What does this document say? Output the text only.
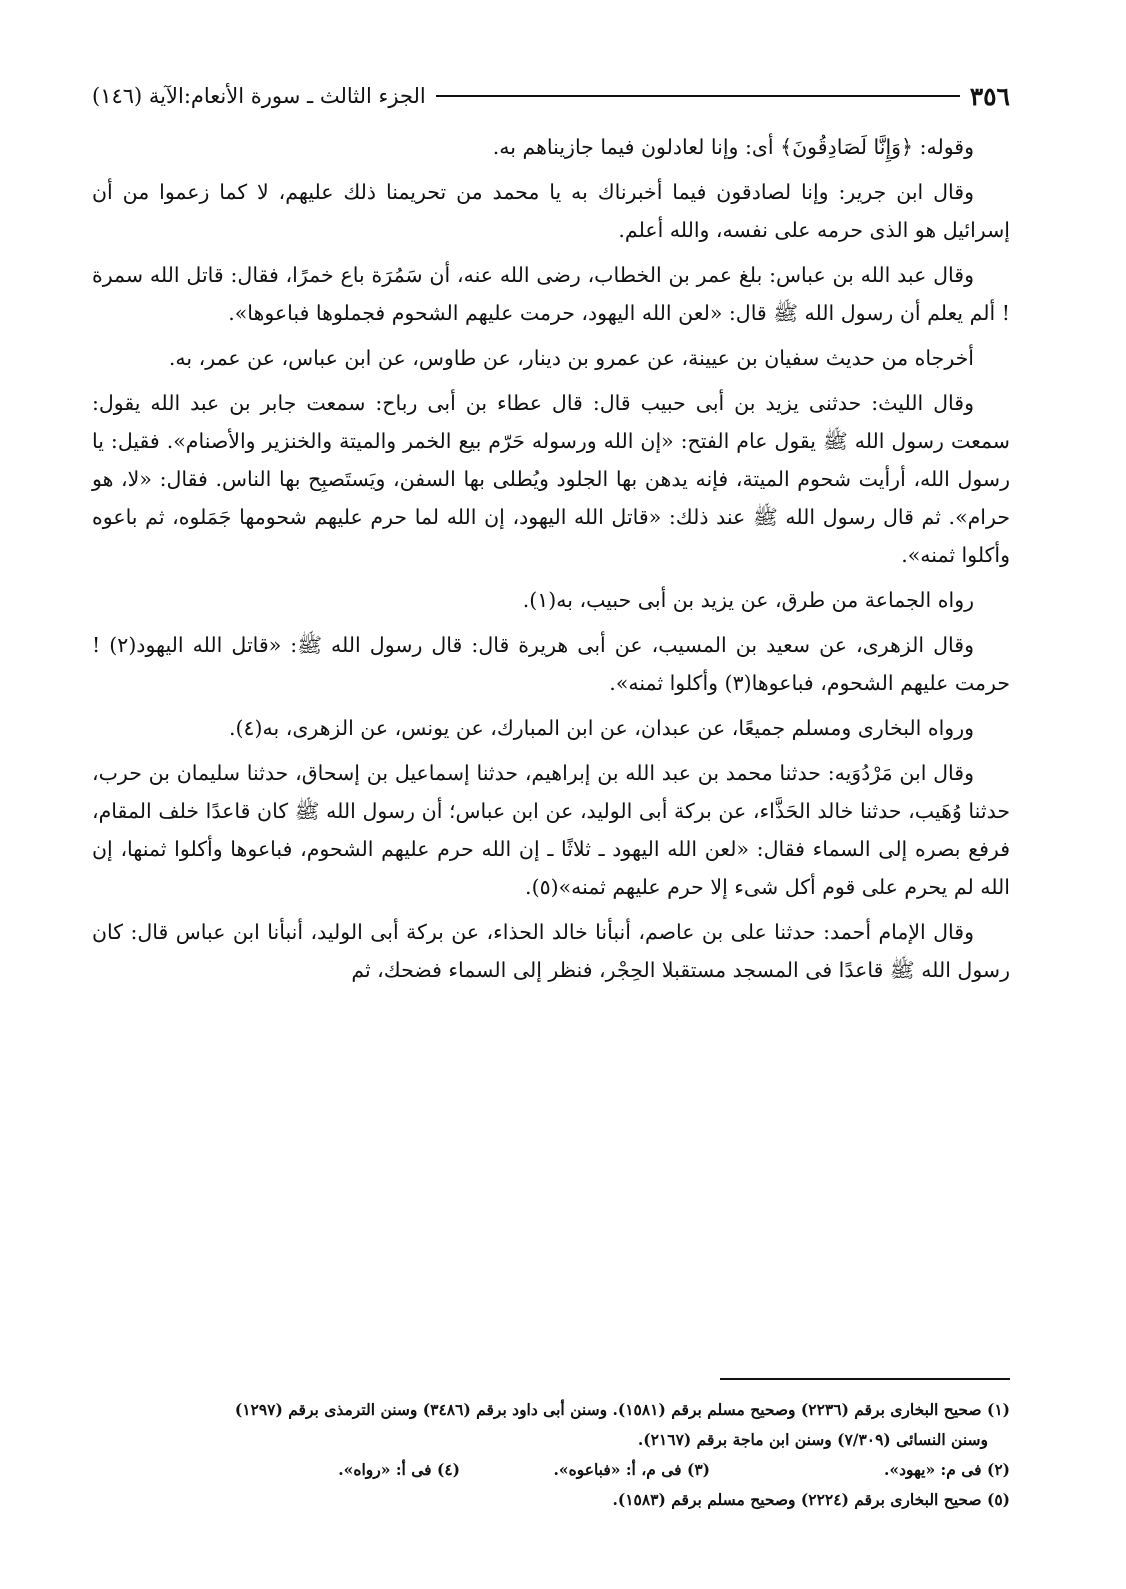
٣٥٦
الجزء الثالث ـ سورة الأنعام:الآية (١٤٦)

وقوله: ﴿وَإِنَّا لَصَادِقُونَ﴾ أى: وإنا لعادلون فيما جازيناهم به.

وقال ابن جرير: وإنا لصادقون فيما أخبرناك به يا محمد من تحريمنا ذلك عليهم، لا كما زعموا من أن إسرائيل هو الذى حرمه على نفسه، والله أعلم.

وقال عبد الله بن عباس: بلغ عمر بن الخطاب، رضى الله عنه، أن سَمُرَة باع خمرًا، فقال: قاتل الله سمرة ! ألم يعلم أن رسول الله ﷺ قال: «لعن الله اليهود، حرمت عليهم الشحوم فجملوها فباعوها».

أخرجاه من حديث سفيان بن عيينة، عن عمرو بن دينار، عن طاوس، عن ابن عباس، عن عمر، به.

وقال الليث: حدثنى يزيد بن أبى حبيب قال: قال عطاء بن أبى رباح: سمعت جابر بن عبد الله يقول: سمعت رسول الله ﷺ يقول عام الفتح: «إن الله ورسوله حَرّم بيع الخمر والميتة والخنزير والأصنام». فقيل: يا رسول الله، أرأيت شحوم الميتة، فإنه يدهن بها الجلود ويُطلى بها السفن، ويَستَصبِح بها الناس. فقال: «لا، هو حرام». ثم قال رسول الله ﷺ عند ذلك: «قاتل الله اليهود، إن الله لما حرم عليهم شحومها جَمَلوه، ثم باعوه وأكلوا ثمنه».

رواه الجماعة من طرق، عن يزيد بن أبى حبيب، به(١).

وقال الزهرى، عن سعيد بن المسيب، عن أبى هريرة قال: قال رسول الله ﷺ: «قاتل الله اليهود(٢) ! حرمت عليهم الشحوم، فباعوها(٣) وأكلوا ثمنه».

ورواه البخارى ومسلم جميعًا، عن عبدان، عن ابن المبارك، عن يونس، عن الزهرى، به(٤).

وقال ابن مَرْدُوَيه: حدثنا محمد بن عبد الله بن إبراهيم، حدثنا إسماعيل بن إسحاق، حدثنا سليمان بن حرب، حدثنا وُهَيب، حدثنا خالد الحَذَّاء، عن بركة أبى الوليد، عن ابن عباس؛ أن رسول الله ﷺ كان قاعدًا خلف المقام، فرفع بصره إلى السماء فقال: «لعن الله اليهود ـ ثلاثًا ـ إن الله حرم عليهم الشحوم، فباعوها وأكلوا ثمنها، إن الله لم يحرم على قوم أكل شىء إلا حرم عليهم ثمنه»(٥).

وقال الإمام أحمد: حدثنا على بن عاصم، أنبأنا خالد الحذاء، عن بركة أبى الوليد، أنبأنا ابن عباس قال: كان رسول الله ﷺ قاعدًا فى المسجد مستقبلا الحِجْر، فنظر إلى السماء فضحك، ثم

(١) صحيح البخارى برقم (٢٢٣٦) وصحيح مسلم برقم (١٥٨١). وسنن أبى داود برقم (٣٤٨٦) وسنن الترمذى برقم (١٢٩٧)
وسنن النسائى (٧/٣٠٩) وسنن ابن ماجة برقم (٢١٦٧).
(٢) فى م: «يهود».
(٣) فى م، أ: «فباعوه».
(٤) فى أ: «رواه».
(٥) صحيح البخارى برقم (٢٢٢٤) وصحيح مسلم برقم (١٥٨٣).
